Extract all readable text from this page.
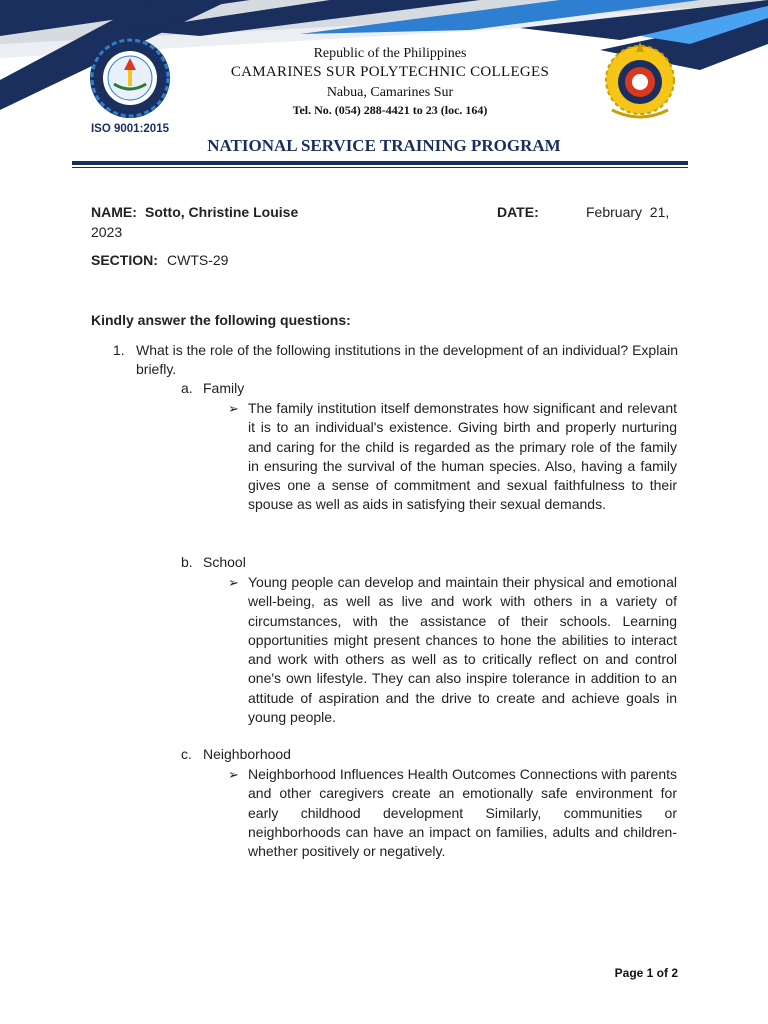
ISO 9001:2015
Republic of the Philippines
CAMARINES SUR POLYTECHNIC COLLEGES
Nabua, Camarines Sur
Tel. No. (054) 288-4421 to 23 (loc. 164)
NATIONAL SERVICE TRAINING PROGRAM
NAME: Sotto, Christine Louise	DATE:	February  21,
2023
SECTION: CWTS-29
Kindly answer the following questions:
1. What is the role of the following institutions in the development of an individual? Explain briefly.
a. Family
➢ The family institution itself demonstrates how significant and relevant it is to an individual's existence. Giving birth and properly nurturing and caring for the child is regarded as the primary role of the family in ensuring the survival of the human species. Also, having a family gives one a sense of commitment and sexual faithfulness to their spouse as well as aids in satisfying their sexual demands.
b. School
➢ Young people can develop and maintain their physical and emotional well-being, as well as live and work with others in a variety of circumstances, with the assistance of their schools. Learning opportunities might present chances to hone the abilities to interact and work with others as well as to critically reflect on and control one's own lifestyle. They can also inspire tolerance in addition to an attitude of aspiration and the drive to create and achieve goals in young people.
c. Neighborhood
➢ Neighborhood Influences Health Outcomes Connections with parents and other caregivers create an emotionally safe environment for early childhood development Similarly, communities or neighborhoods can have an impact on families, adults and children-whether positively or negatively.
Page 1 of 2
